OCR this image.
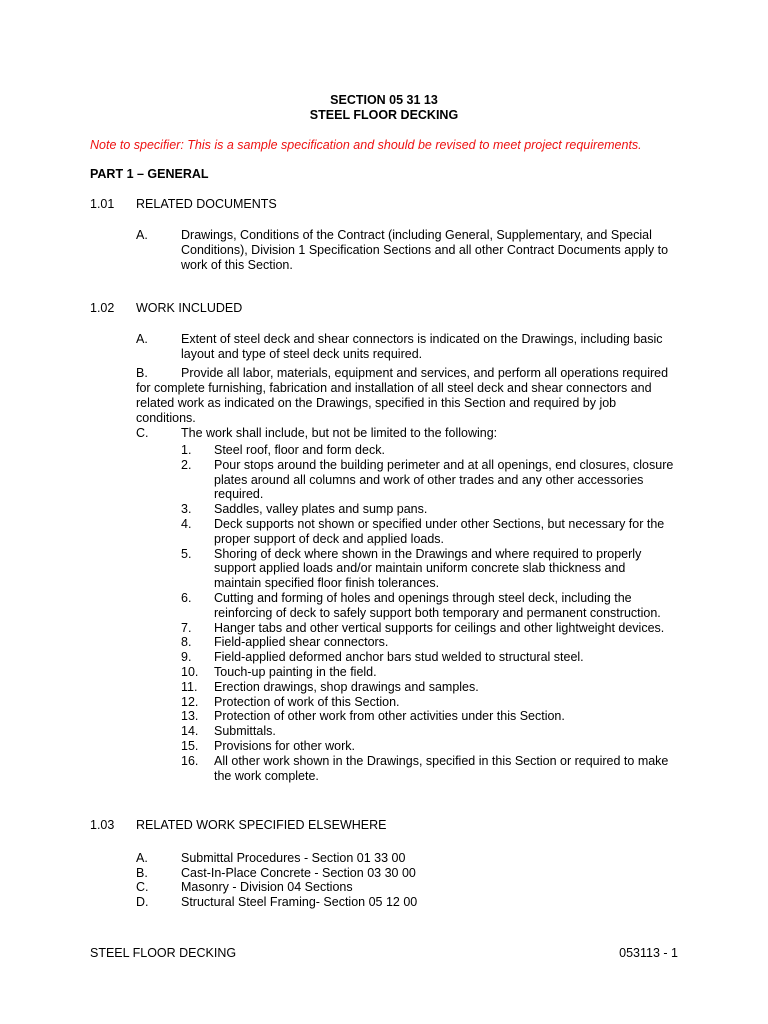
SECTION 05 31 13
STEEL FLOOR DECKING
Note to specifier: This is a sample specification and should be revised to meet project requirements.
PART 1 – GENERAL
1.01 RELATED DOCUMENTS
A.	Drawings, Conditions of the Contract (including General, Supplementary, and Special
Conditions), Division 1 Specification Sections and all other Contract Documents apply to
work of this Section.
1.02 WORK INCLUDED
A.	Extent of steel deck and shear connectors is indicated on the Drawings, including basic
layout and type of steel deck units required.
B.	Provide all labor, materials, equipment and services, and perform all operations required
for complete furnishing, fabrication and installation of all steel deck and shear connectors and
related work as indicated on the Drawings, specified in this Section and required by job
conditions.
C.	The work shall include, but not be limited to the following:
1. Steel roof, floor and form deck.
2. Pour stops around the building perimeter and at all openings, end closures, closure
plates around all columns and work of other trades and any other accessories
required.
3. Saddles, valley plates and sump pans.
4. Deck supports not shown or specified under other Sections, but necessary for the
proper support of deck and applied loads.
5. Shoring of deck where shown in the Drawings and where required to properly
support applied loads and/or maintain uniform concrete slab thickness and
maintain specified floor finish tolerances.
6. Cutting and forming of holes and openings through steel deck, including the
reinforcing of deck to safely support both temporary and permanent construction.
7. Hanger tabs and other vertical supports for ceilings and other lightweight devices.
8. Field-applied shear connectors.
9. Field-applied deformed anchor bars stud welded to structural steel.
10. Touch-up painting in the field.
11. Erection drawings, shop drawings and samples.
12. Protection of work of this Section.
13. Protection of other work from other activities under this Section.
14. Submittals.
15. Provisions for other work.
16. All other work shown in the Drawings, specified in this Section or required to make
the work complete.
1.03 RELATED WORK SPECIFIED ELSEWHERE
A.	Submittal Procedures - Section 01 33 00
B.	Cast-In-Place Concrete - Section 03 30 00
C.	Masonry - Division 04 Sections
D.	Structural Steel Framing- Section 05 12 00
STEEL FLOOR DECKING	053113 - 1
